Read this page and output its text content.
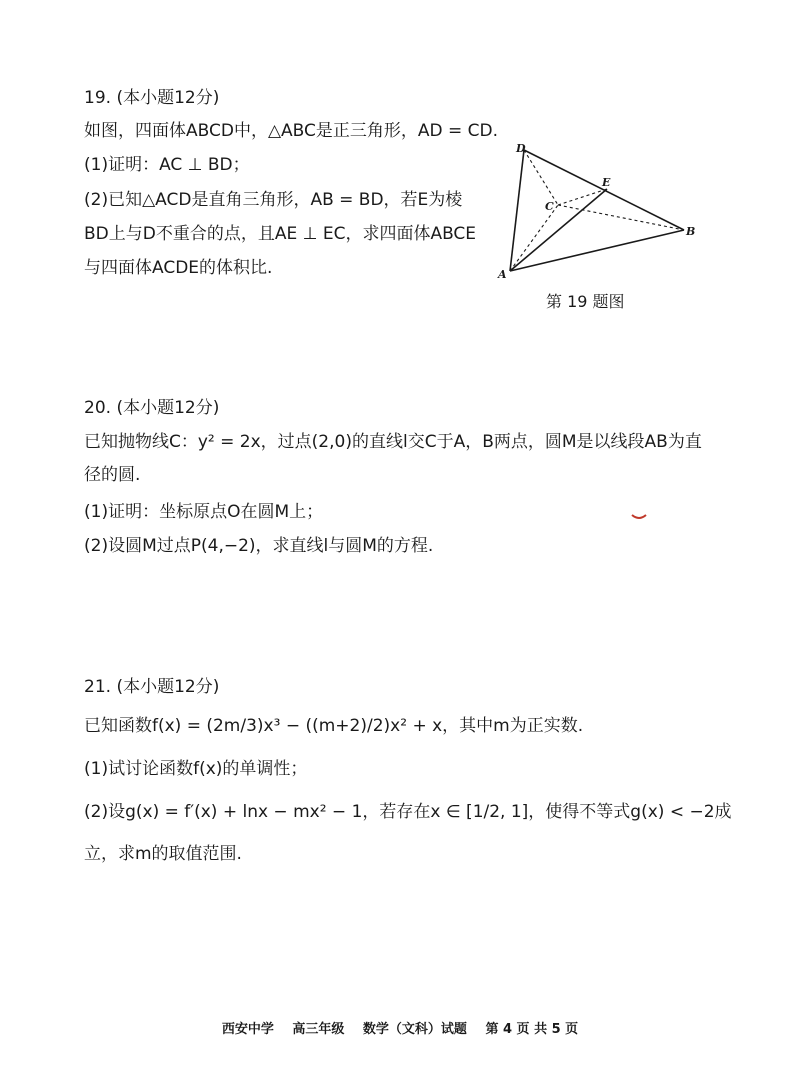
19. (本小题12分)
如图，四面体ABCD中，△ABC是正三角形，AD = CD.
(1)证明：AC ⊥ BD；
(2)已知△ACD是直角三角形，AB = BD，若E为棱
BD上与D不重合的点，且AE ⊥ EC，求四面体ABCE
与四面体ACDE的体积比.
D
E
C
B
A
第 19 题图
20. (本小题12分)
已知抛物线C：y² = 2x，过点(2,0)的直线l交C于A，B两点，圆M是以线段AB为直
径的圆.
(1)证明：坐标原点O在圆M上；
(2)设圆M过点P(4,−2)，求直线l与圆M的方程.
21. (本小题12分)
已知函数f(x) = (2m/3)x³ − ((m+2)/2)x² + x，其中m为正实数.
(1)试讨论函数f(x)的单调性；
(2)设g(x) = f′(x) + lnx − mx² − 1，若存在x ∈ [1/2, 1]，使得不等式g(x) < −2成
立，求m的取值范围.
西安中学 高三年级 数学（文科）试题 第 4 页 共 5 页
